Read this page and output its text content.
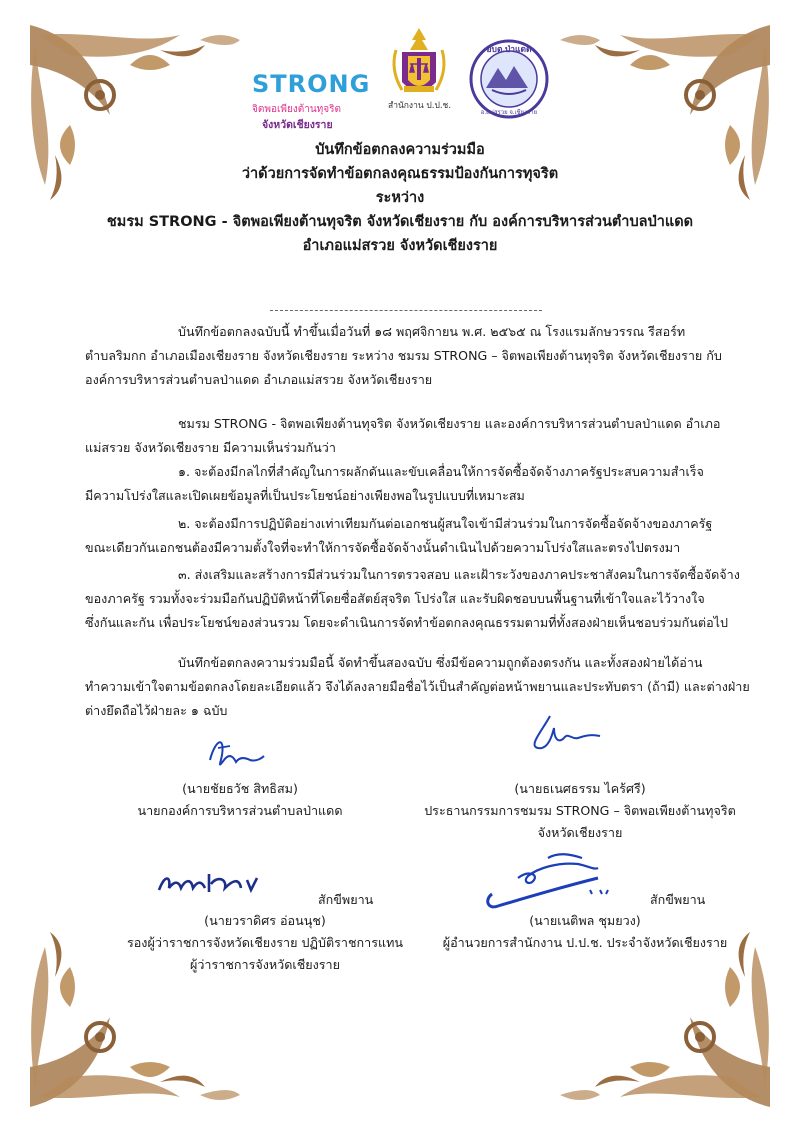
STRONG
จิตพอเพียงต้านทุจริต
จังหวัดเชียงราย
สำนักงาน ป.ป.ช.
อบต.ป่าแดด
อ.แม่สรวย จ.เชียงราย

บันทึกข้อตกลงความร่วมมือ

ว่าด้วยการจัดทำข้อตกลงคุณธรรมป้องกันการทุจริต

ระหว่าง

ชมรม STRONG - จิตพอเพียงต้านทุจริต จังหวัดเชียงราย กับ องค์การบริหารส่วนตำบลป่าแดด

อำเภอแม่สรวย จังหวัดเชียงราย

บันทึกข้อตกลงฉบับนี้ ทำขึ้นเมื่อวันที่ ๑๘ พฤศจิกายน พ.ศ. ๒๕๖๕ ณ โรงแรมลักษวรรณ รีสอร์ท

ตำบลริมกก อำเภอเมืองเชียงราย จังหวัดเชียงราย ระหว่าง ชมรม STRONG – จิตพอเพียงต้านทุจริต จังหวัดเชียงราย กับ

องค์การบริหารส่วนตำบลป่าแดด อำเภอแม่สรวย จังหวัดเชียงราย

ชมรม STRONG - จิตพอเพียงต้านทุจริต จังหวัดเชียงราย และองค์การบริหารส่วนตำบลป่าแดด อำเภอ

แม่สรวย จังหวัดเชียงราย มีความเห็นร่วมกันว่า

๑. จะต้องมีกลไกที่สำคัญในการผลักดันและขับเคลื่อนให้การจัดซื้อจัดจ้างภาครัฐประสบความสำเร็จ

มีความโปร่งใสและเปิดเผยข้อมูลที่เป็นประโยชน์อย่างเพียงพอในรูปแบบที่เหมาะสม

๒. จะต้องมีการปฏิบัติอย่างเท่าเทียมกันต่อเอกชนผู้สนใจเข้ามีส่วนร่วมในการจัดซื้อจัดจ้างของภาครัฐ

ขณะเดียวกันเอกชนต้องมีความตั้งใจที่จะทำให้การจัดซื้อจัดจ้างนั้นดำเนินไปด้วยความโปร่งใสและตรงไปตรงมา

๓. ส่งเสริมและสร้างการมีส่วนร่วมในการตรวจสอบ และเฝ้าระวังของภาคประชาสังคมในการจัดซื้อจัดจ้าง

ของภาครัฐ รวมทั้งจะร่วมมือกันปฏิบัติหน้าที่โดยซื่อสัตย์สุจริต โปร่งใส และรับผิดชอบบนพื้นฐานที่เข้าใจและไว้วางใจ

ซึ่งกันและกัน เพื่อประโยชน์ของส่วนรวม โดยจะดำเนินการจัดทำข้อตกลงคุณธรรมตามที่ทั้งสองฝ่ายเห็นชอบร่วมกันต่อไป

บันทึกข้อตกลงความร่วมมือนี้ จัดทำขึ้นสองฉบับ ซึ่งมีข้อความถูกต้องตรงกัน และทั้งสองฝ่ายได้อ่าน

ทำความเข้าใจตามข้อตกลงโดยละเอียดแล้ว จึงได้ลงลายมือชื่อไว้เป็นสำคัญต่อหน้าพยานและประทับตรา (ถ้ามี) และต่างฝ่าย

ต่างยึดถือไว้ฝ่ายละ ๑ ฉบับ

(นายชัยธวัช สิทธิสม)
นายกองค์การบริหารส่วนตำบลป่าแดด
(นายธเนศธรรม ไคร้ศรี)
ประธานกรรมการชมรม STRONG – จิตพอเพียงต้านทุจริต
จังหวัดเชียงราย
สักขีพยาน
(นายวราดิศร อ่อนนุช)
รองผู้ว่าราชการจังหวัดเชียงราย ปฏิบัติราชการแทน
ผู้ว่าราชการจังหวัดเชียงราย
สักขีพยาน
(นายเนติพล ชุมยวง)
ผู้อำนวยการสำนักงาน ป.ป.ช. ประจำจังหวัดเชียงราย
